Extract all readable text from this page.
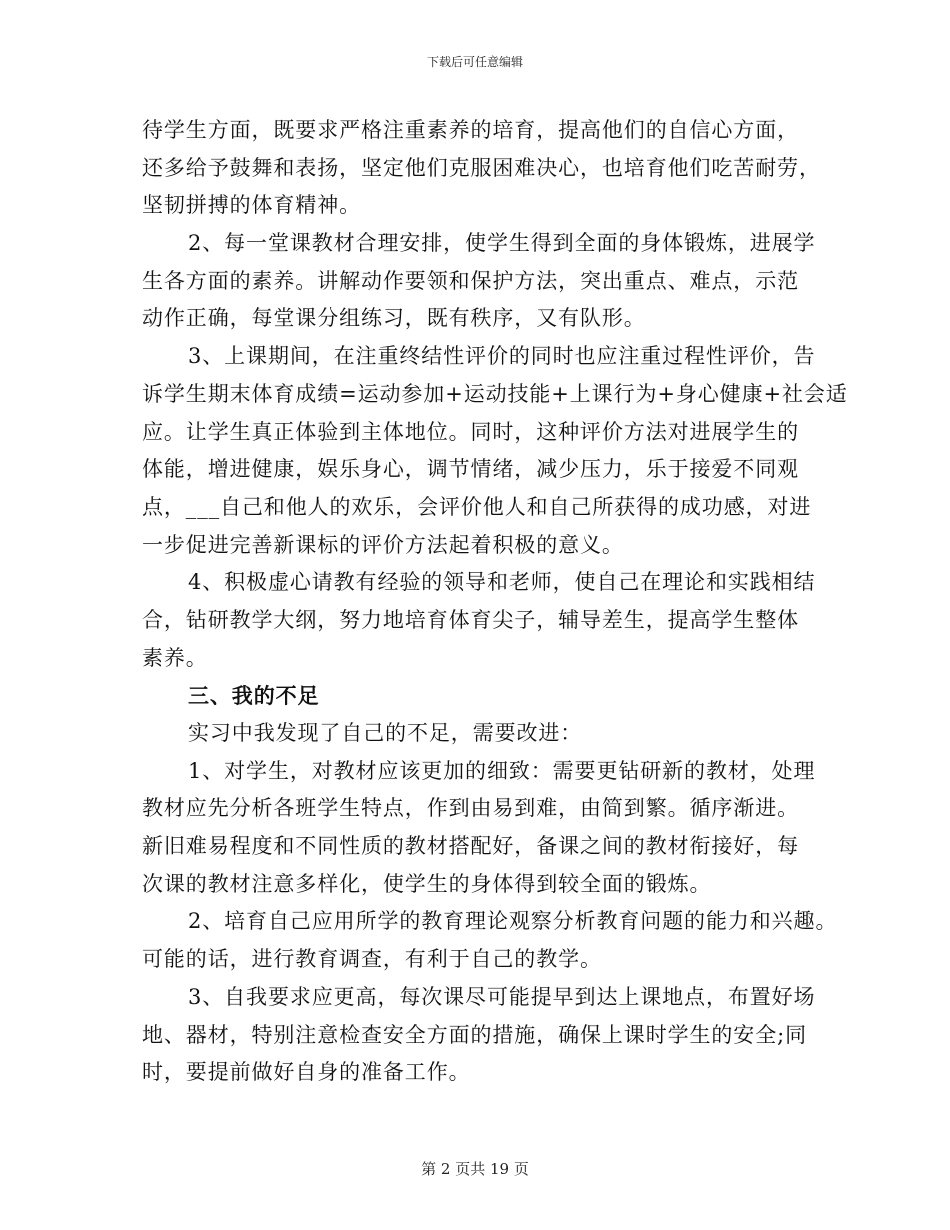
下载后可任意编辑
待学生方面，既要求严格注重素养的培育，提高他们的自信心方面，
还多给予鼓舞和表扬，坚定他们克服困难决心，也培育他们吃苦耐劳，
坚韧拼搏的体育精神。
2、每一堂课教材合理安排，使学生得到全面的身体锻炼，进展学
生各方面的素养。讲解动作要领和保护方法，突出重点、难点，示范
动作正确，每堂课分组练习，既有秩序，又有队形。
3、上课期间，在注重终结性评价的同时也应注重过程性评价，告
诉学生期末体育成绩=运动参加+运动技能+上课行为+身心健康+社会适
应。让学生真正体验到主体地位。同时，这种评价方法对进展学生的
体能，增进健康，娱乐身心，调节情绪，减少压力，乐于接爱不同观
点，___自己和他人的欢乐，会评价他人和自己所获得的成功感，对进
一步促进完善新课标的评价方法起着积极的意义。
4、积极虚心请教有经验的领导和老师，使自己在理论和实践相结
合，钻研教学大纲，努力地培育体育尖子，辅导差生，提高学生整体
素养。
三、我的不足
实习中我发现了自己的不足，需要改进：
1、对学生，对教材应该更加的细致：需要更钻研新的教材，处理
教材应先分析各班学生特点，作到由易到难，由简到繁。循序渐进。
新旧难易程度和不同性质的教材搭配好，备课之间的教材衔接好，每
次课的教材注意多样化，使学生的身体得到较全面的锻炼。
2、培育自己应用所学的教育理论观察分析教育问题的能力和兴趣。
可能的话，进行教育调查，有利于自己的教学。
3、自我要求应更高，每次课尽可能提早到达上课地点，布置好场
地、器材，特别注意检查安全方面的措施，确保上课时学生的安全;同
时，要提前做好自身的准备工作。
第 2 页共 19 页
